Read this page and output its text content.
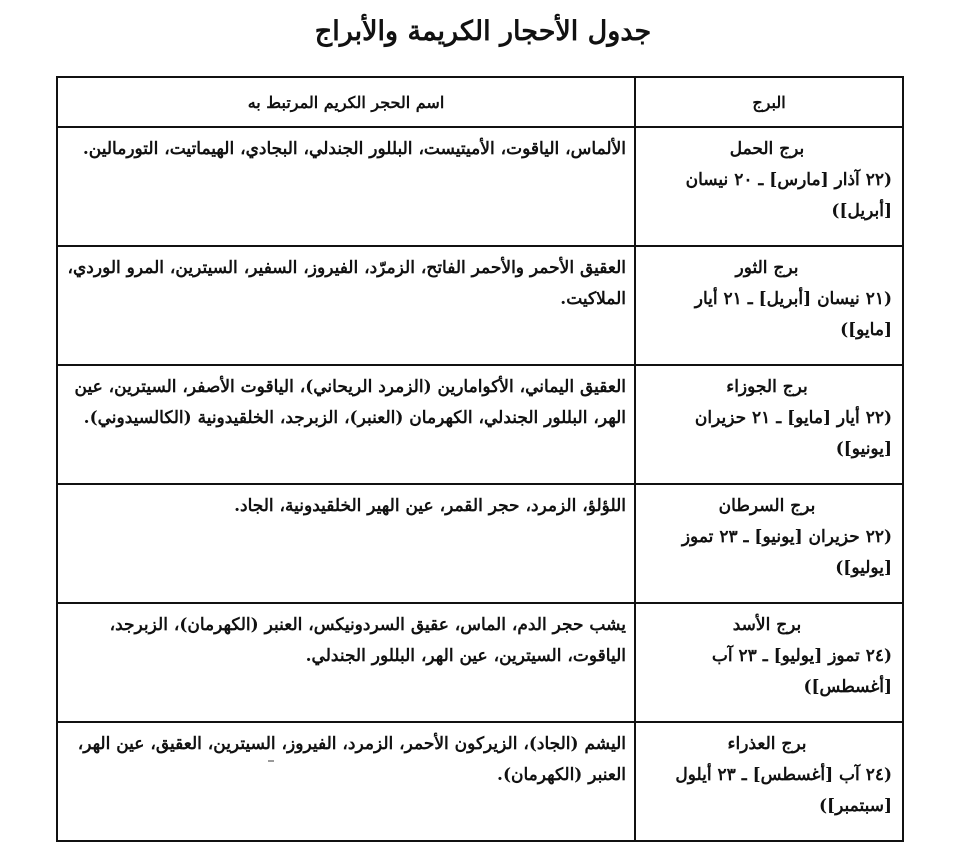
جدول الأحجار الكريمة والأبراج
البرج	اسم الحجر الكريم المرتبط به

برج الحمل
(٢٢ آذار [مارس] ـ ٢٠ نيسان [أبريل])	الألماس، الياقوت، الأميتيست، البللور الجندلي، البجادي، الهيماتيت، التورمالين.

برج الثور
(٢١ نيسان [أبريل] ـ ٢١ أيار [مايو])	العقيق الأحمر والأحمر الفاتح، الزمرّد، الفيروز، السفير، السيترين، المرو الوردي، الملاكيت.

برج الجوزاء
(٢٢ أيار [مايو] ـ ٢١ حزيران [يونيو])	العقيق اليماني، الأكوامارين (الزمرد الريحاني)، الياقوت الأصفر، السيترين، عين الهر، البللور الجندلي، الكهرمان (العنبر)، الزبرجد، الخلقيدونية (الكالسيدوني).

برج السرطان
(٢٢ حزيران [يونيو] ـ ٢٣ تموز [يوليو])	اللؤلؤ، الزمرد، حجر القمر، عين الهير الخلقيدونية، الجاد.

برج الأسد
(٢٤ تموز [يوليو] ـ ٢٣ آب [أغسطس])	يشب حجر الدم، الماس، عقيق السردونيكس، العنبر (الكهرمان)، الزبرجد، الياقوت، السيترين، عين الهر، البللور الجندلي.

برج العذراء
(٢٤ آب [أغسطس] ـ ٢٣ أيلول [سبتمبر])	اليشم (الجاد)، الزيركون الأحمر، الزمرد، الفيروز، السيترين، العقيق، عين الهر، العنبر (الكهرمان).
